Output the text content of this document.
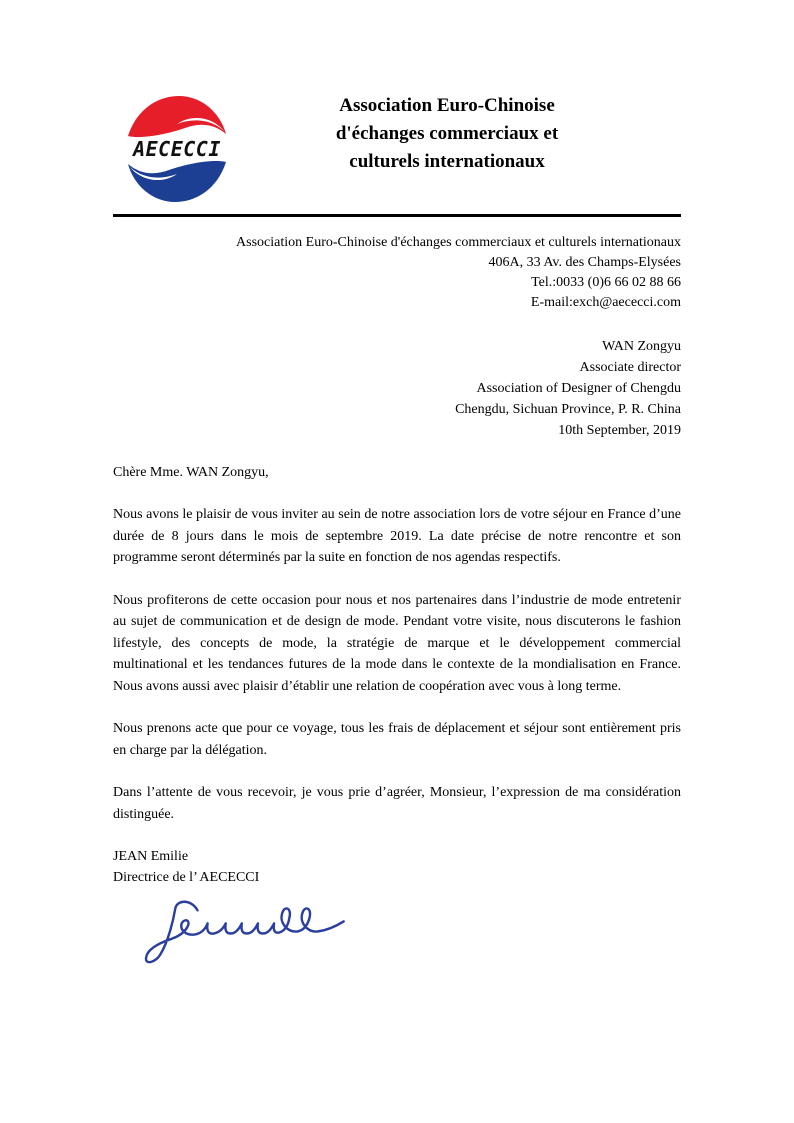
AECECCI
Association Euro-Chinoise
d'échanges commerciaux et
culturels internationaux
Association Euro-Chinoise d'échanges commerciaux et culturels internationaux
406A, 33 Av. des Champs-Elysées
Tel.:0033 (0)6 66 02 88 66
E-mail:exch@aececci.com
WAN Zongyu
Associate director
Association of Designer of Chengdu
Chengdu, Sichuan Province, P. R. China
10th September, 2019

Chère Mme. WAN Zongyu,

Nous avons le plaisir de vous inviter au sein de notre association lors de votre séjour en France d’une durée de 8 jours dans le mois de septembre 2019. La date précise de notre rencontre et son programme seront déterminés par la suite en fonction de nos agendas respectifs.

Nous profiterons de cette occasion pour nous et nos partenaires dans l’industrie de mode entretenir au sujet de communication et de design de mode. Pendant votre visite, nous discuterons le fashion lifestyle, des concepts de mode, la stratégie de marque et le développement commercial multinational et les tendances futures de la mode dans le contexte de la mondialisation en France. Nous avons aussi avec plaisir d’établir une relation de coopération avec vous à long terme.

Nous prenons acte que pour ce voyage, tous les frais de déplacement et séjour sont entièrement pris en charge par la délégation.

Dans l’attente de vous recevoir, je vous prie d’agréer, Monsieur, l’expression de ma considération distinguée.

JEAN Emilie
Directrice de l’ AECECCI
